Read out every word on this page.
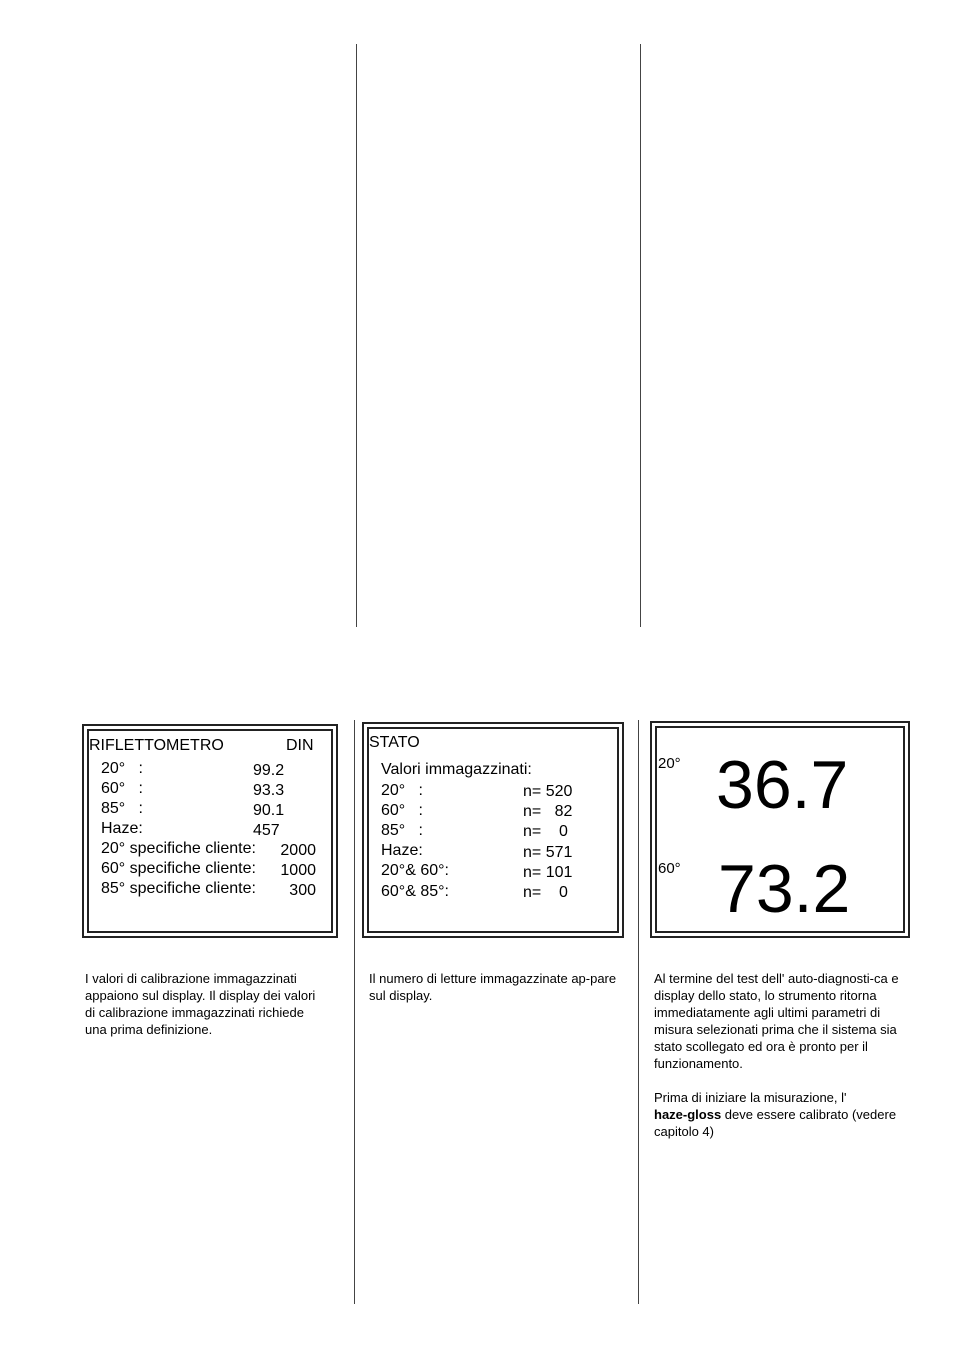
RIFLETTOMETRO	DIN
20°   :	99.2
60°   :	93.3
85°   :	90.1
Haze:	457
20° specifiche cliente:	2000
60° specifiche cliente:	1000
85° specifiche cliente:	300
STATO
Valori immagazzinati:
20°   :	n= 520
60°   :	n=   82
85°   :	n=    0
Haze:	n= 571
20°& 60°:	n= 101
60°& 85°:	n=    0
20° 36.7
60° 73.2

I valori di calibrazione immagazzinati appaiono sul display. Il display dei valori di calibrazione immagazzinati richiede una prima definizione.

Il numero di letture immagazzinate ap-pare sul display.

Al termine del test dell' auto-diagnosti-ca e display dello stato, lo strumento ritorna immediatamente agli ultimi parametri di misura selezionati prima che il sistema sia stato scollegato ed ora è pronto per il funzionamento.

Prima di iniziare la misurazione, l'
haze-gloss deve essere calibrato (vedere capitolo 4)
